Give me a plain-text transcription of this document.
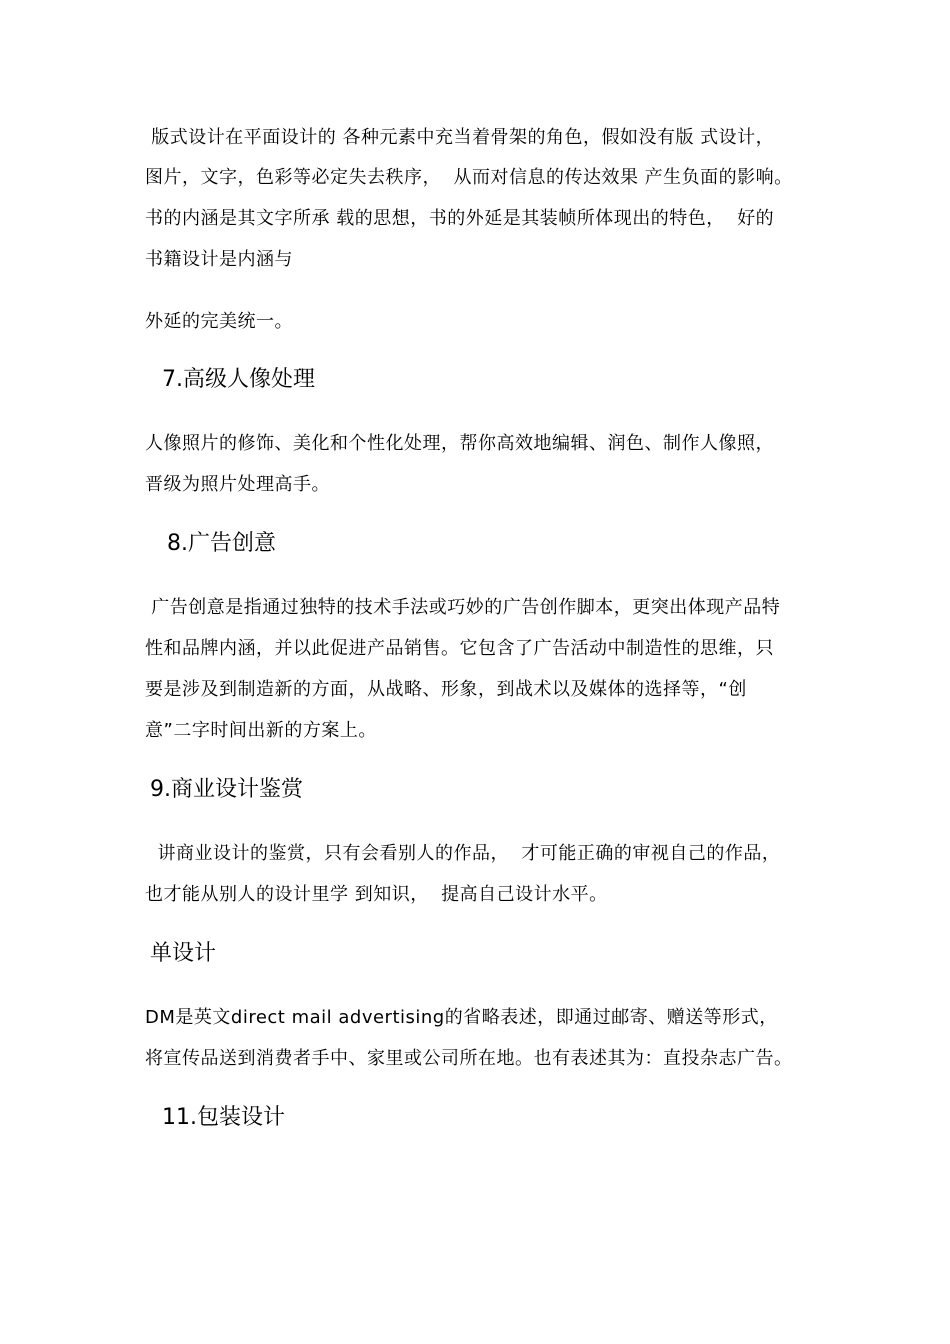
版式设计在平面设计的 各种元素中充当着骨架的角色，假如没有版 式设计，
图片，文字，色彩等必定失去秩序，  从而对信息的传达效果 产生负面的影响。
书的内涵是其文字所承 载的思想，书的外延是其装帧所体现出的特色，  好的
书籍设计是内涵与
外延的完美统一。
7.高级人像处理
人像照片的修饰、美化和个性化处理，帮你高效地编辑、润色、制作人像照，
晋级为照片处理高手。
8.广告创意
广告创意是指通过独特的技术手法或巧妙的广告创作脚本，更突出体现产品特
性和品牌内涵，并以此促进产品销售。它包含了广告活动中制造性的思维，只
要是涉及到制造新的方面，从战略、形象，到战术以及媒体的选择等，“创
意”二字时间出新的方案上。
9.商业设计鉴赏
讲商业设计的鉴赏，只有会看别人的作品，  才可能正确的审视自己的作品，
也才能从别人的设计里学 到知识，  提高自己设计水平。
单设计
DM是英文direct mail advertising的省略表述，即通过邮寄、赠送等形式，
将宣传品送到消费者手中、家里或公司所在地。也有表述其为：直投杂志广告。
11.包装设计
